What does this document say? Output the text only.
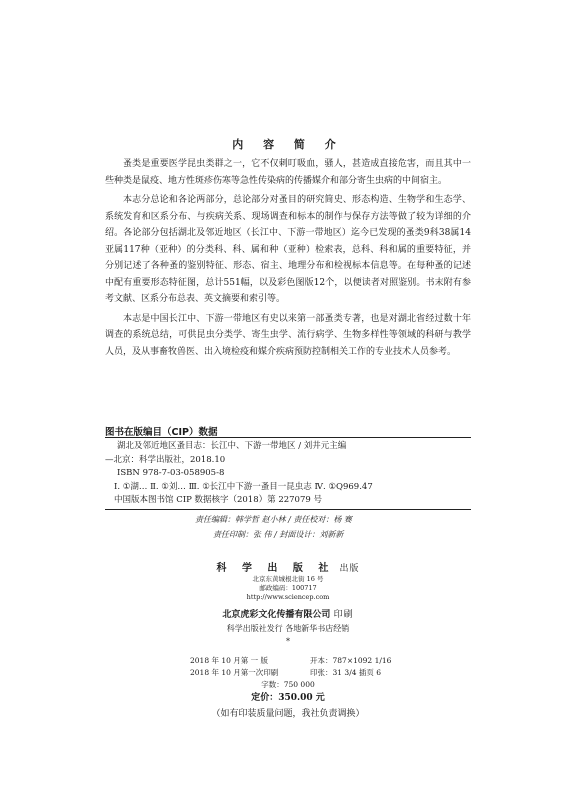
内 容 简 介

蚤类是重要医学昆虫类群之一，它不仅刺叮吸血，骚人，甚造成直接危害，而且其中一些种类是鼠疫、地方性斑疹伤寒等急性传染病的传播媒介和部分寄生虫病的中间宿主。

本志分总论和各论两部分，总论部分对蚤目的研究简史、形态构造、生物学和生态学、系统发育和区系分布、与疾病关系、现场调查和标本的制作与保存方法等做了较为详细的介绍。各论部分包括湖北及邻近地区（长江中、下游一带地区）迄今已发现的蚤类9科38属14亚属117种（亚种）的分类科、科、属和种（亚种）检索表，总科、科和属的重要特征，并分别记述了各种蚤的鉴别特征、形态、宿主、地理分布和检视标本信息等。在每种蚤的记述中配有重要形态特征图，总计551幅，以及彩色图版12个，以便读者对照鉴别。书末附有参考文献、区系分布总表、英文摘要和索引等。

本志是中国长江中、下游一带地区有史以来第一部蚤类专著，也是对湖北省经过数十年调查的系统总结，可供昆虫分类学、寄生虫学、流行病学、生物多样性等领域的科研与教学人员，及从事畜牧兽医、出入境检疫和媒介疾病预防控制相关工作的专业技术人员参考。

图书在版编目（CIP）数据
湖北及邻近地区蚤目志：长江中、下游一带地区 / 刘井元主编
—北京：科学出版社，2018.10
ISBN 978-7-03-058905-8
Ⅰ. ①湖… Ⅱ. ①刘… Ⅲ. ①长江中下游一蚤目一昆虫志 Ⅳ. ①Q969.47
中国版本图书馆 CIP 数据核字（2018）第 227079 号
责任编辑：韩学哲 赵小林 / 责任校对：杨 赛
责任印制：张 伟 / 封面设计：刘新新
科 学 出 版 社 出版
北京东黄城根北街 16 号
邮政编码：100717
http://www.sciencep.com
北京虎彩文化传播有限公司 印刷
科学出版社发行 各地新华书店经销
*
2018 年 10 月第 一 版	开本：787×1092 1/16
2018 年 10 月第一次印刷	印张：31 3/4 插页 6
字数：750 000
定价：350.00 元
（如有印装质量问题，我社负责调换）
